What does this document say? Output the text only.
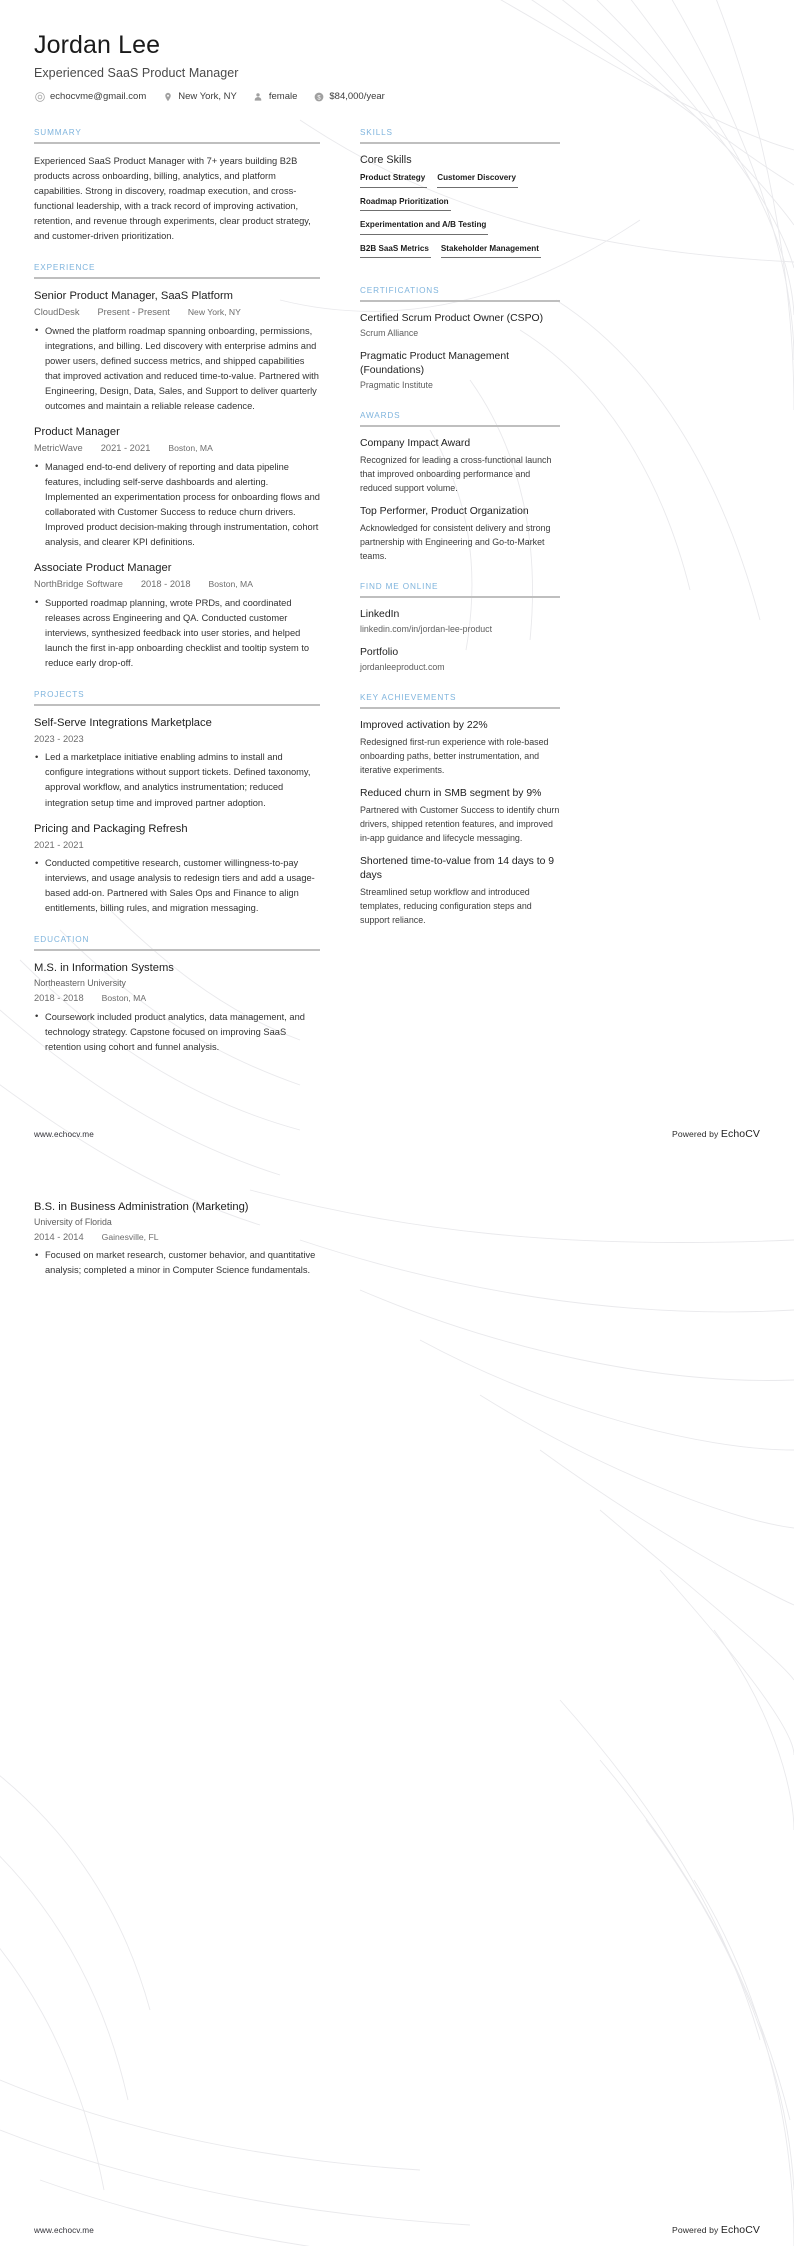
Jordan Lee
Experienced SaaS Product Manager
echocvme@gmail.com	New York, NY	female $ $84,000/year
SUMMARY

Experienced SaaS Product Manager with 7+ years building B2B products across onboarding, billing, analytics, and platform capabilities. Strong in discovery, roadmap execution, and cross-functional leadership, with a track record of improving activation, retention, and revenue through experiments, clear product strategy, and customer-driven prioritization.

EXPERIENCE
Senior Product Manager, SaaS Platform
CloudDesk Present - Present New York, NY
• Owned the platform roadmap spanning onboarding, permissions, integrations, and billing. Led discovery with enterprise admins and power users, defined success metrics, and shipped capabilities that improved activation and reduced time-to-value. Partnered with Engineering, Design, Data, Sales, and Support to deliver quarterly outcomes and maintain a reliable release cadence.
Product Manager
MetricWave 2021 - 2021 Boston, MA
• Managed end-to-end delivery of reporting and data pipeline features, including self-serve dashboards and alerting. Implemented an experimentation process for onboarding flows and collaborated with Customer Success to reduce churn drivers. Improved product decision-making through instrumentation, cohort analysis, and clearer KPI definitions.
Associate Product Manager
NorthBridge Software 2018 - 2018 Boston, MA
• Supported roadmap planning, wrote PRDs, and coordinated releases across Engineering and QA. Conducted customer interviews, synthesized feedback into user stories, and helped launch the first in-app onboarding checklist and tooltip system to reduce early drop-off.
PROJECTS
Self-Serve Integrations Marketplace
2023 - 2023
• Led a marketplace initiative enabling admins to install and configure integrations without support tickets. Defined taxonomy, approval workflow, and analytics instrumentation; reduced integration setup time and improved partner adoption.
Pricing and Packaging Refresh
2021 - 2021
• Conducted competitive research, customer willingness-to-pay interviews, and usage analysis to redesign tiers and add a usage-based add-on. Partnered with Sales Ops and Finance to align entitlements, billing rules, and migration messaging.
EDUCATION
M.S. in Information Systems
Northeastern University
2018 - 2018 Boston, MA
• Coursework included product analytics, data management, and technology strategy. Capstone focused on improving SaaS retention using cohort and funnel analysis.
SKILLS
Core Skills
Product Strategy Customer Discovery
Roadmap Prioritization
Experimentation and A/B Testing
B2B SaaS Metrics Stakeholder Management
CERTIFICATIONS
Certified Scrum Product Owner (CSPO)
Scrum Alliance
Pragmatic Product Management (Foundations)
Pragmatic Institute
AWARDS
Company Impact Award
Recognized for leading a cross-functional launch that improved onboarding performance and reduced support volume.
Top Performer, Product Organization
Acknowledged for consistent delivery and strong partnership with Engineering and Go-to-Market teams.
FIND ME ONLINE
LinkedIn
linkedin.com/in/jordan-lee-product
Portfolio
jordanleeproduct.com
KEY ACHIEVEMENTS
Improved activation by 22%
Redesigned first-run experience with role-based onboarding paths, better instrumentation, and iterative experiments.
Reduced churn in SMB segment by 9%
Partnered with Customer Success to identify churn drivers, shipped retention features, and improved in-app guidance and lifecycle messaging.
Shortened time-to-value from 14 days to 9 days
Streamlined setup workflow and introduced templates, reducing configuration steps and support reliance.
www.echocv.me	Powered by EchoCV
B.S. in Business Administration (Marketing)
University of Florida
2014 - 2014 Gainesville, FL
• Focused on market research, customer behavior, and quantitative analysis; completed a minor in Computer Science fundamentals.
www.echocv.me	Powered by EchoCV
